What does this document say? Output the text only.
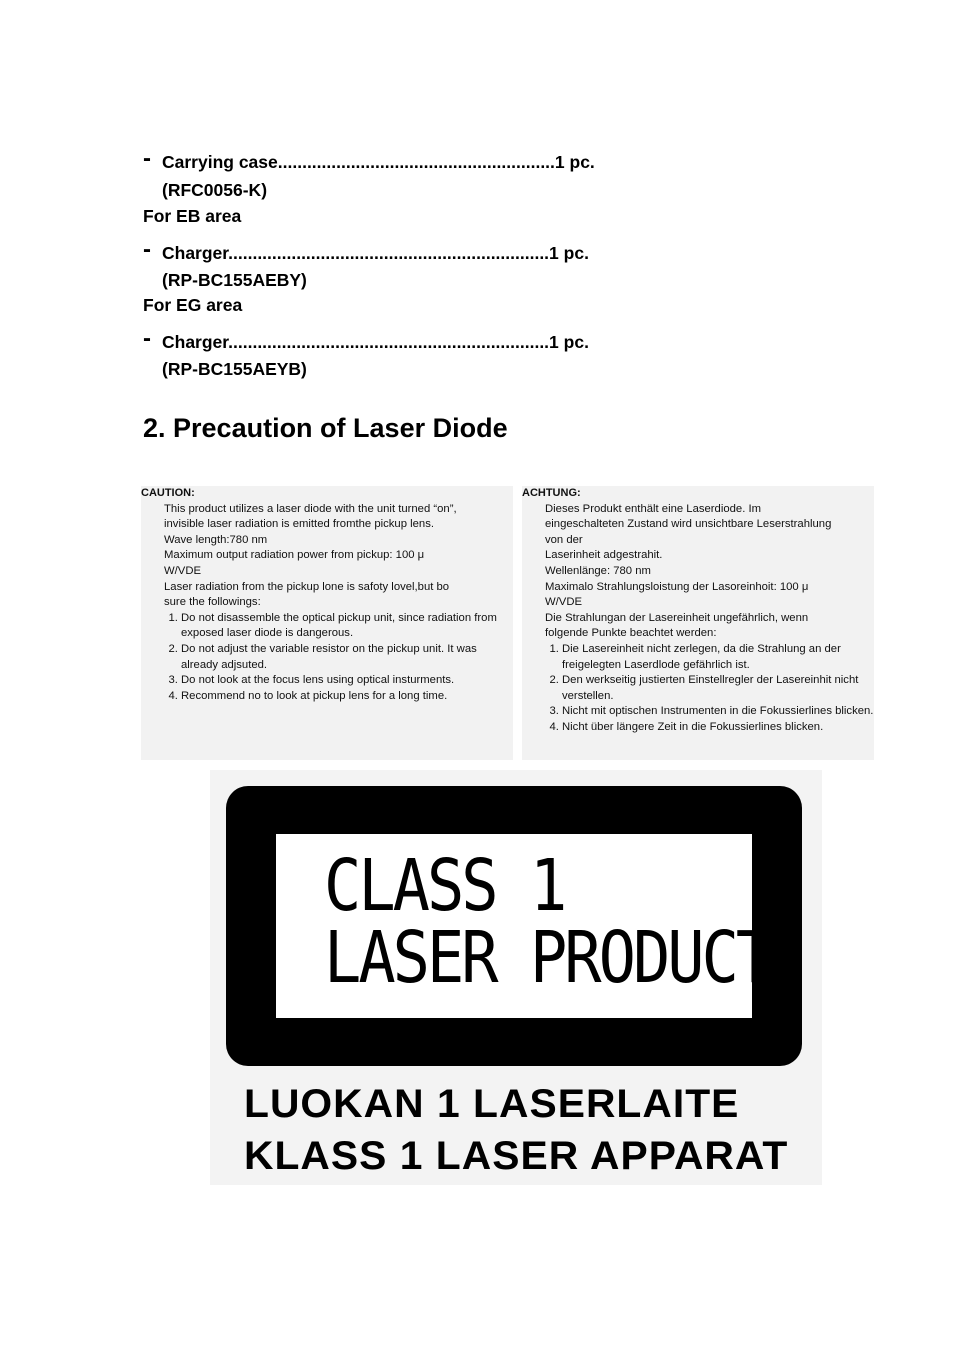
- Carrying case.........................................................1 pc.
(RFC0056-K)
For EB area
- Charger..................................................................1 pc.
(RP-BC155AEBY)
For EG area
- Charger..................................................................1 pc.
(RP-BC155AEYB)
2. Precaution of Laser Diode
CAUTION:

This product utilizes a laser diode with the unit turned “on”,

invisible laser radiation is emitted fromthe pickup lens.

Wave length:780 nm

Maximum output radiation power from pickup: 100 μ

W/VDE

Laser radiation from the pickup lone is safoty lovel,but bo

sure the followings:

1. Do not disassemble the optical pickup unit, since radiation from exposed laser diode is dangerous.
2. Do not adjust the variable resistor on the pickup unit. It was already adjsuted.
3. Do not look at the focus lens using optical insturments.
4. Recommend no to look at pickup lens for a long time.
ACHTUNG:

Dieses Produkt enthält eine Laserdiode. Im

eingeschalteten Zustand wird unsichtbare Leserstrahlung

von der

Laserinheit adgestrahit.

Wellenlänge: 780 nm

Maximalo Strahlungsloistung der Lasoreinhoit: 100 μ

W/VDE

Die Strahlungan der Lasereinheit ungefährlich, wenn

folgende Punkte beachtet werden:

1. Die Lasereinheit nicht zerlegen, da die Strahlung an der freigelegten Laserdlode gefährlich ist.
2. Den werkseitig justierten Einstellregler der Lasereinhit nicht verstellen.
3. Nicht mit optischen Instrumenten in die Fokussierlines blicken.
4. Nicht über längere Zeit in die Fokussierlines blicken.
CLASS 1
LASER PRODUCT
LUOKAN 1 LASERLAITE
KLASS 1 LASER APPARAT
